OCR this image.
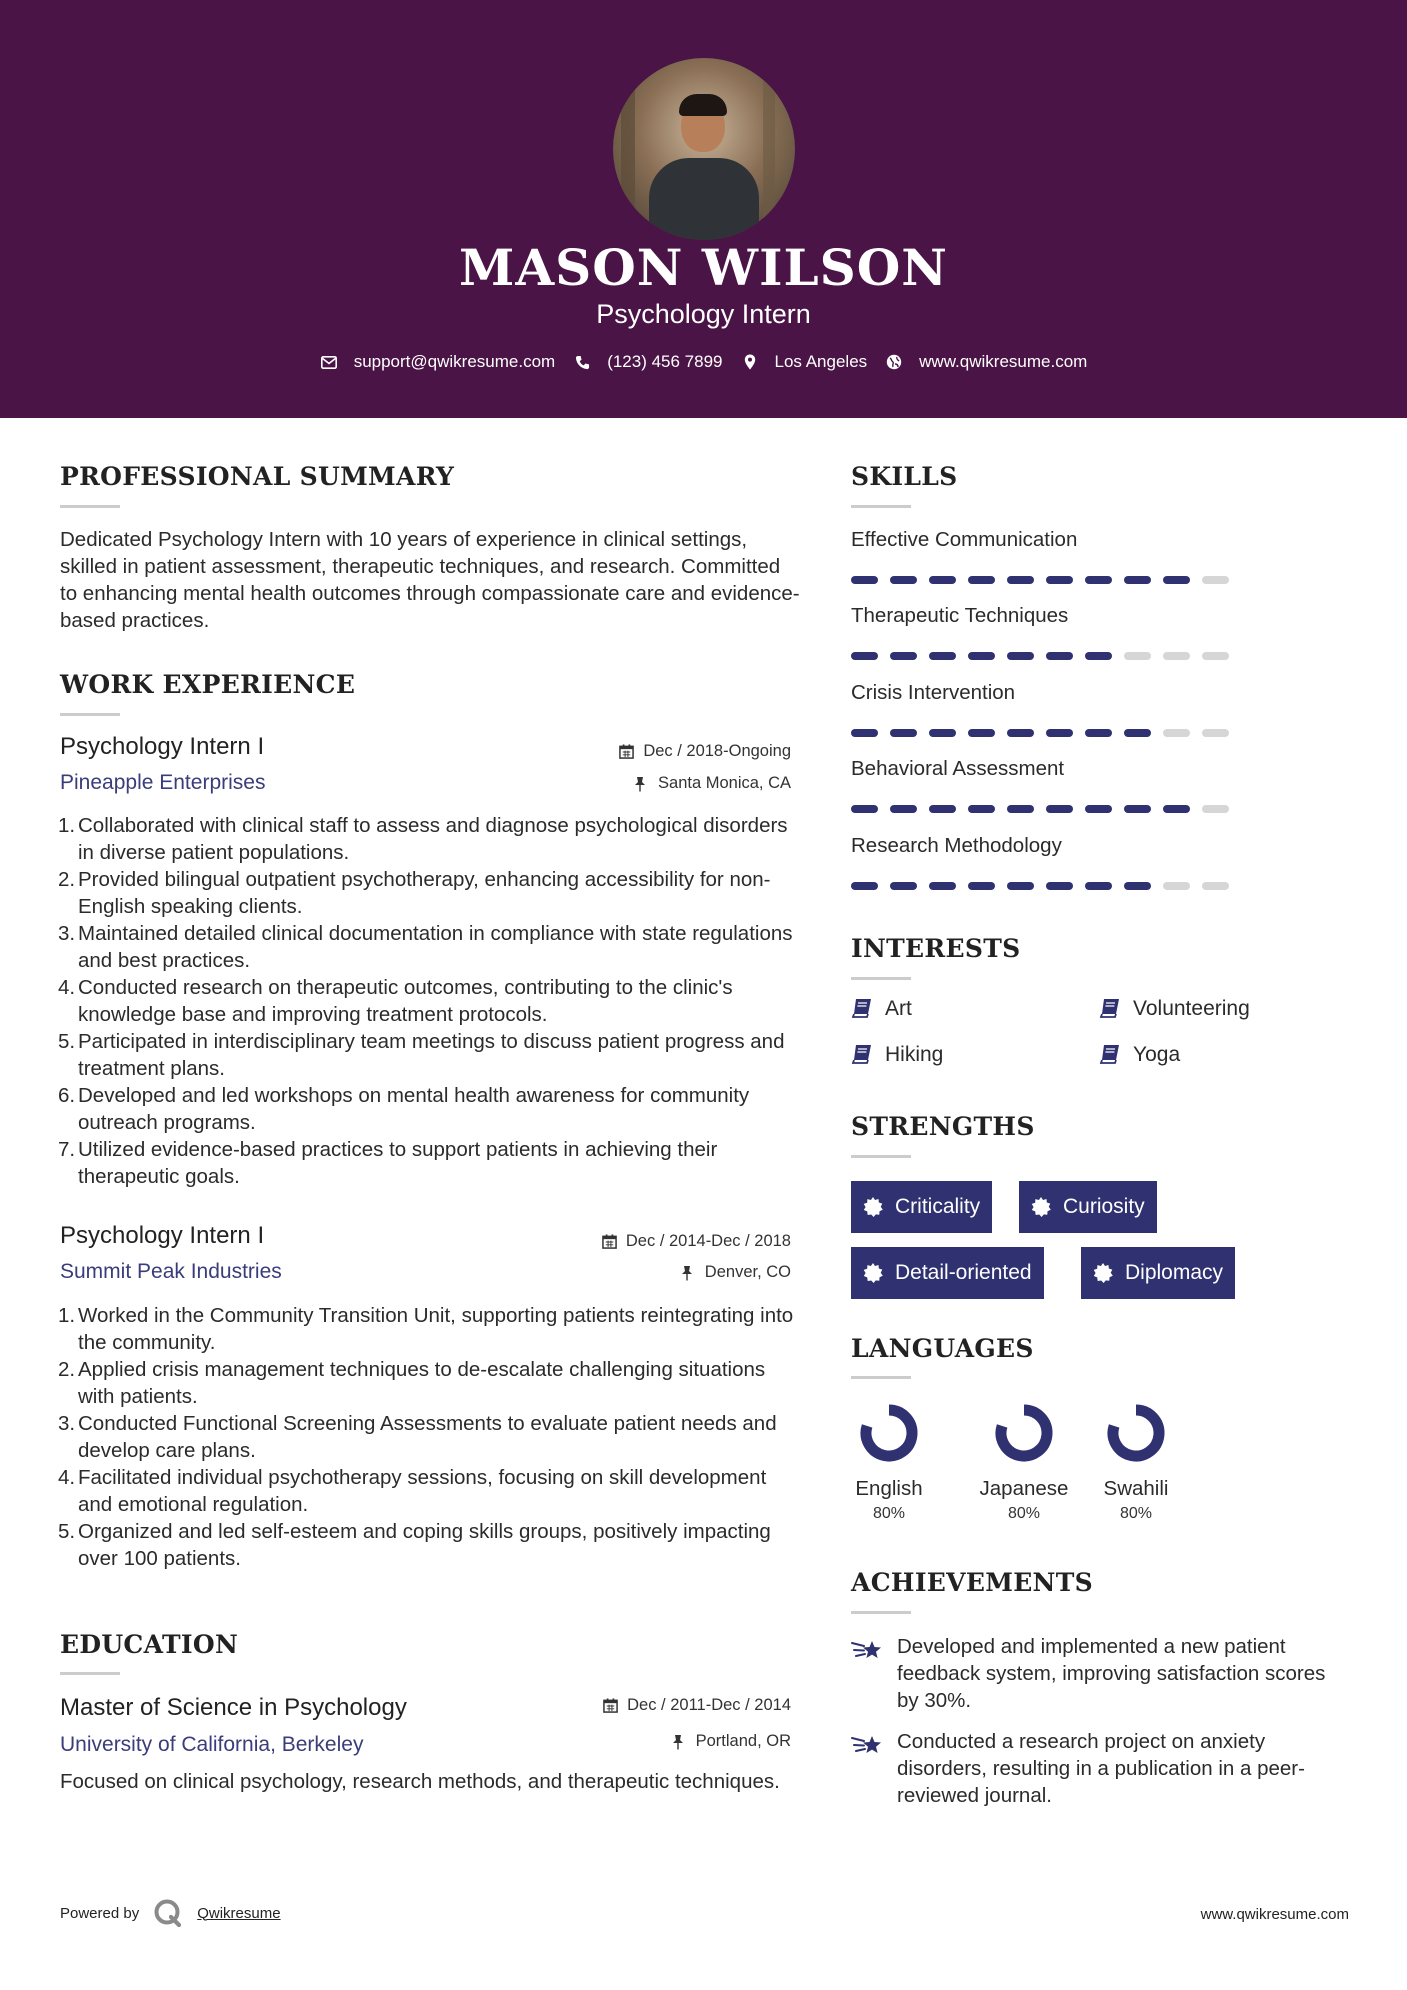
MASON WILSON
Psychology Intern
support@qwikresume.com	(123) 456 7899	Los Angeles	www.qwikresume.com
PROFESSIONAL SUMMARY
Dedicated Psychology Intern with 10 years of experience in clinical settings, skilled in patient assessment, therapeutic techniques, and research. Committed to enhancing mental health outcomes through compassionate care and evidence-based practices.
WORK EXPERIENCE
Psychology Intern I
Pineapple Enterprises
Dec / 2018-Ongoing
Santa Monica, CA
1. Collaborated with clinical staff to assess and diagnose psychological disorders in diverse patient populations.
2. Provided bilingual outpatient psychotherapy, enhancing accessibility for non-English speaking clients.
3. Maintained detailed clinical documentation in compliance with state regulations and best practices.
4. Conducted research on therapeutic outcomes, contributing to the clinic's knowledge base and improving treatment protocols.
5. Participated in interdisciplinary team meetings to discuss patient progress and treatment plans.
6. Developed and led workshops on mental health awareness for community outreach programs.
7. Utilized evidence-based practices to support patients in achieving their therapeutic goals.
Psychology Intern I
Summit Peak Industries
Dec / 2014-Dec / 2018
Denver, CO
1. Worked in the Community Transition Unit, supporting patients reintegrating into the community.
2. Applied crisis management techniques to de-escalate challenging situations with patients.
3. Conducted Functional Screening Assessments to evaluate patient needs and develop care plans.
4. Facilitated individual psychotherapy sessions, focusing on skill development and emotional regulation.
5. Organized and led self-esteem and coping skills groups, positively impacting over 100 patients.
EDUCATION
Master of Science in Psychology
University of California, Berkeley
Dec / 2011-Dec / 2014
Portland, OR
Focused on clinical psychology, research methods, and therapeutic techniques.
SKILLS
Effective Communication
Therapeutic Techniques
Crisis Intervention
Behavioral Assessment
Research Methodology
INTERESTS
Art	Volunteering
Hiking	Yoga
STRENGTHS
Criticality	Curiosity
Detail-oriented	Diplomacy
LANGUAGES
English
80%
Japanese
80%
Swahili
80%
ACHIEVEMENTS
Developed and implemented a new patient feedback system, improving satisfaction scores by 30%.
Conducted a research project on anxiety disorders, resulting in a publication in a peer-reviewed journal.
Powered by	Qwikresume	www.qwikresume.com
